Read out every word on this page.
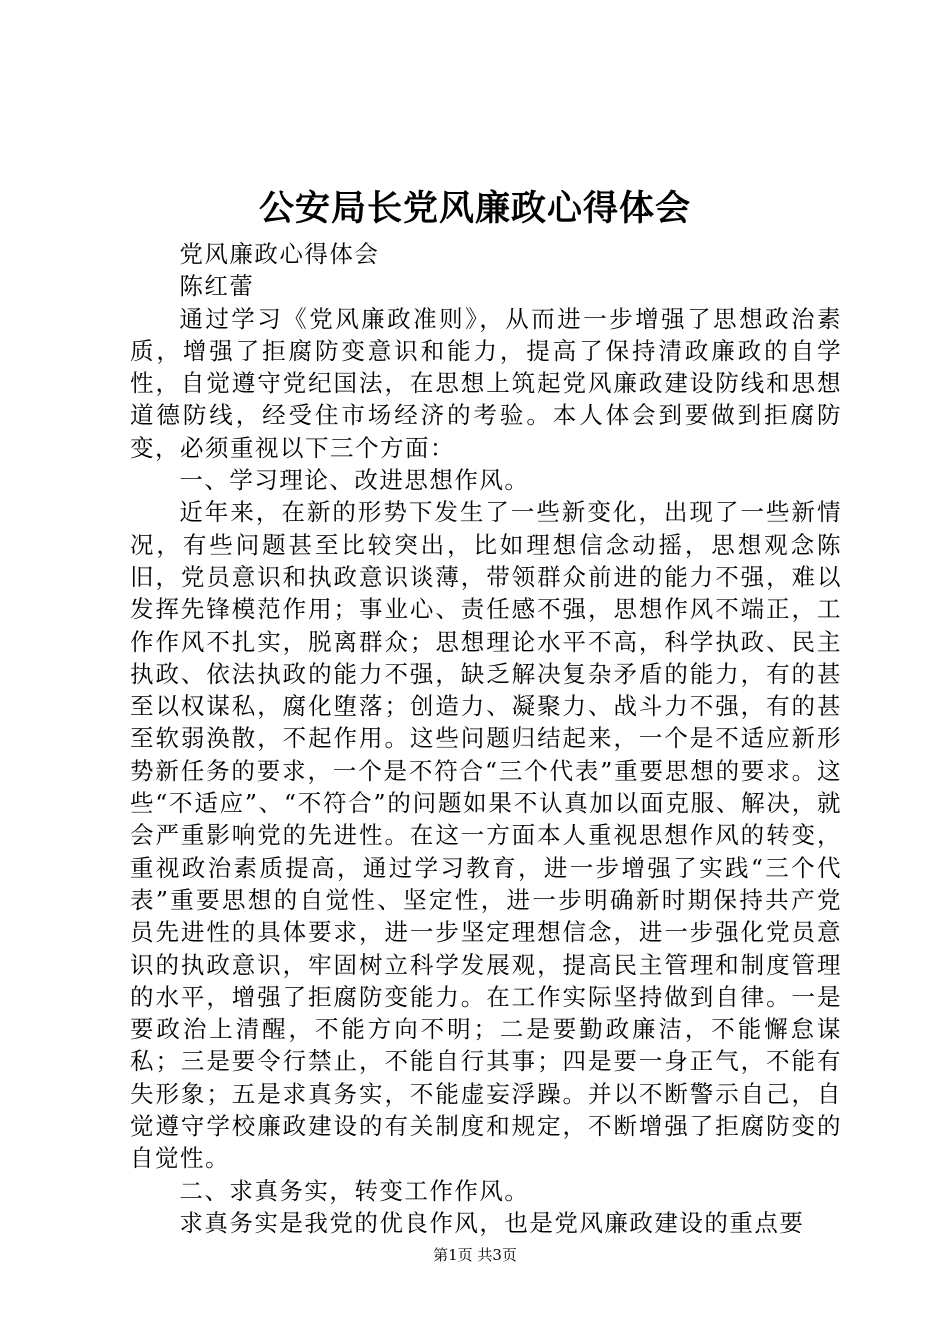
公安局长党风廉政心得体会

党风廉政心得体会

陈红蕾

通过学习《党风廉政准则》，从而进一步增强了思想政治素质，增强了拒腐防变意识和能力，提高了保持清政廉政的自学性，自觉遵守党纪国法，在思想上筑起党风廉政建设防线和思想道德防线，经受住市场经济的考验。本人体会到要做到拒腐防变，必须重视以下三个方面：

一、学习理论、改进思想作风。

近年来，在新的形势下发生了一些新变化，出现了一些新情况，有些问题甚至比较突出，比如理想信念动摇，思想观念陈旧，党员意识和执政意识谈薄，带领群众前进的能力不强，难以发挥先锋模范作用；事业心、责任感不强，思想作风不端正，工作作风不扎实，脱离群众；思想理论水平不高，科学执政、民主执政、依法执政的能力不强，缺乏解决复杂矛盾的能力，有的甚至以权谋私，腐化堕落；创造力、凝聚力、战斗力不强，有的甚至软弱涣散，不起作用。这些问题归结起来，一个是不适应新形势新任务的要求，一个是不符合“三个代表”重要思想的要求。这些“不适应”、“不符合”的问题如果不认真加以面克服、解决，就会严重影响党的先进性。在这一方面本人重视思想作风的转变，重视政治素质提高，通过学习教育，进一步增强了实践“三个代表”重要思想的自觉性、坚定性，进一步明确新时期保持共产党员先进性的具体要求，进一步坚定理想信念，进一步强化党员意识的执政意识，牢固树立科学发展观，提高民主管理和制度管理的水平，增强了拒腐防变能力。在工作实际坚持做到自律。一是要政治上清醒，不能方向不明；二是要勤政廉洁，不能懈怠谋私；三是要令行禁止，不能自行其事；四是要一身正气，不能有失形象；五是求真务实，不能虚妄浮躁。并以不断警示自己，自觉遵守学校廉政建设的有关制度和规定，不断增强了拒腐防变的自觉性。

二、求真务实，转变工作作风。

求真务实是我党的优良作风，也是党风廉政建设的重点要

第1页 共3页
